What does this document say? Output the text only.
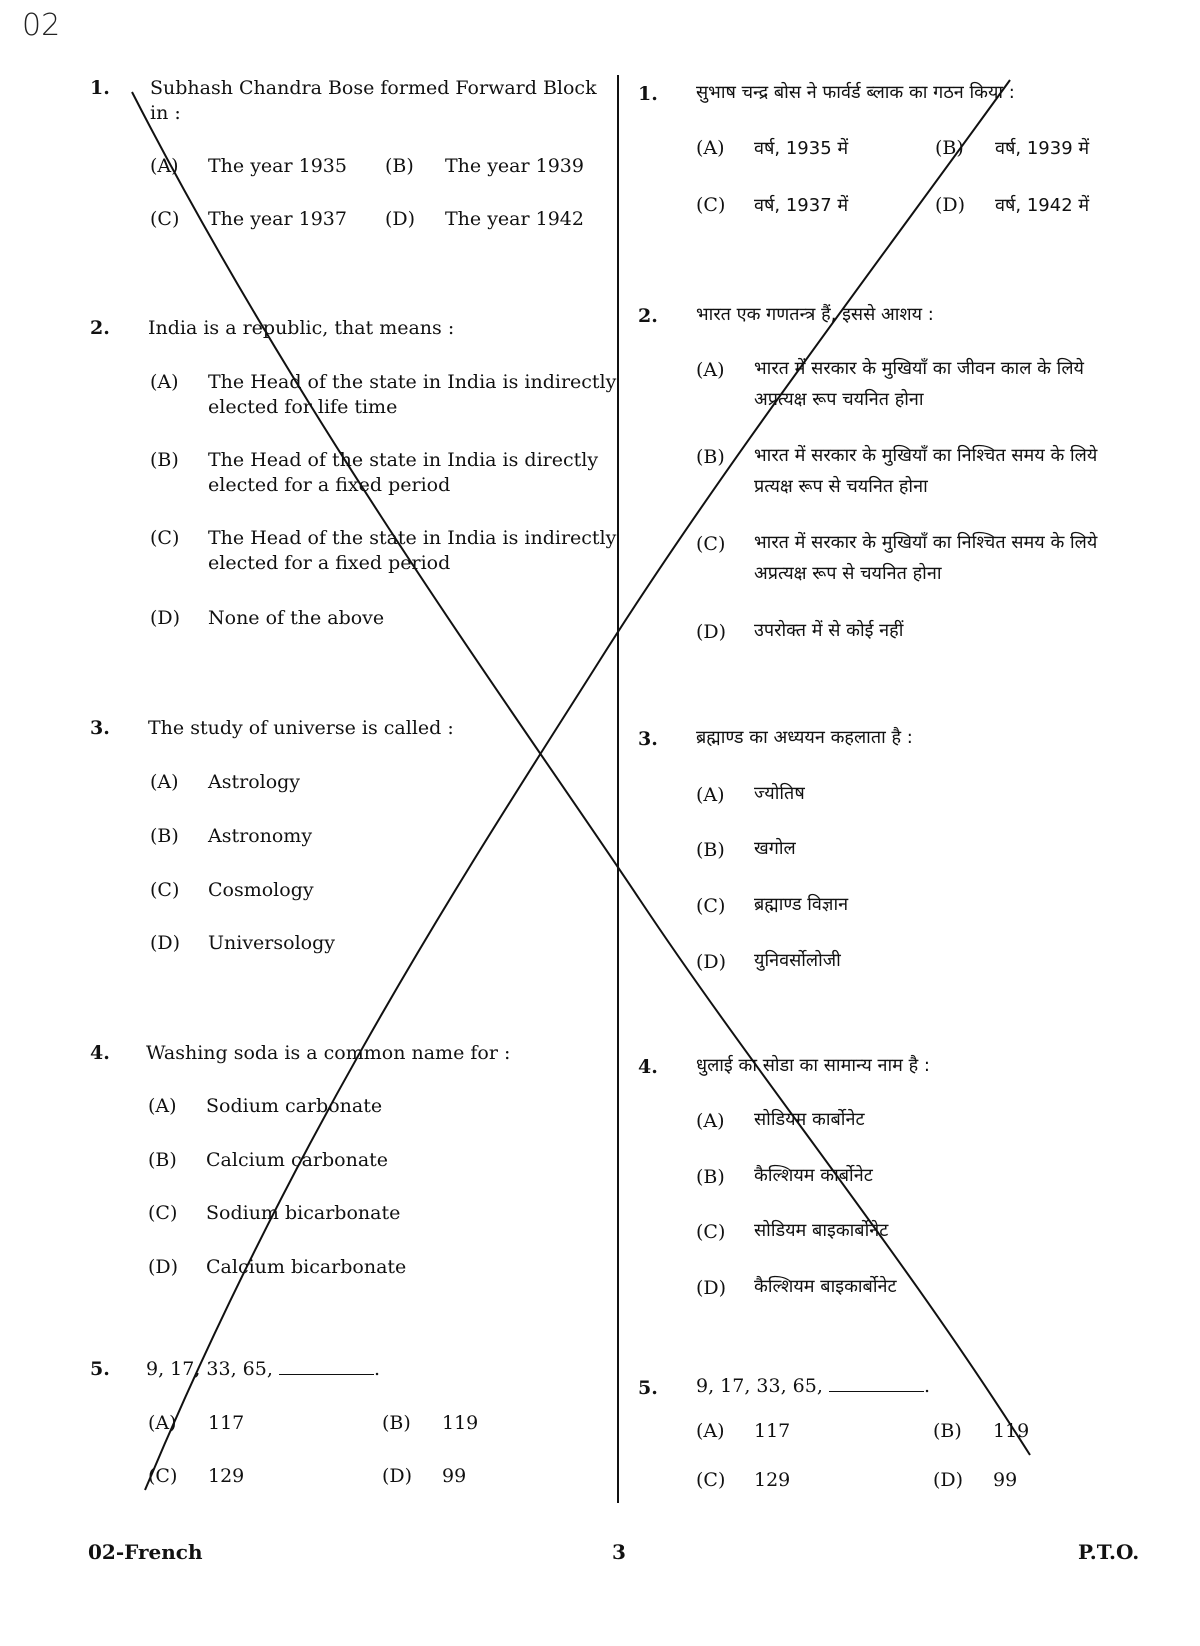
02
1. Subhash Chandra Bose formed Forward Block
in :
(A) The year 1935 (B) The year 1939
(C) The year 1937 (D) The year 1942
2. India is a republic, that means :
(A) The Head of the state in India is indirectly
elected for life time
(B) The Head of the state in India is directly
elected for a fixed period
(C) The Head of the state in India is indirectly
elected for a fixed period
(D) None of the above
3. The study of universe is called :
(A) Astrology
(B) Astronomy
(C) Cosmology
(D) Universology
4. Washing soda is a common name for :
(A) Sodium carbonate
(B) Calcium carbonate
(C) Sodium bicarbonate
(D) Calcium bicarbonate
5. 9, 17, 33, 65,	.
(A) 117	(B) 119
(C) 129	(D) 99
1. सुभाष चन्द्र बोस ने फार्वर्ड ब्लाक का गठन किया :
(A) वर्ष, 1935 में	(B) वर्ष, 1939 में
(C) वर्ष, 1937 में	(D) वर्ष, 1942 में
2. भारत एक गणतन्त्र हैं, इससे आशय :
(A) भारत में सरकार के मुखियाँ का जीवन काल के लिये
अप्रत्यक्ष रूप चयनित होना
(B) भारत में सरकार के मुखियाँ का निश्चित समय के लिये
प्रत्यक्ष रूप से चयनित होना
(C) भारत में सरकार के मुखियाँ का निश्चित समय के लिये
अप्रत्यक्ष रूप से चयनित होना
(D) उपरोक्त में से कोई नहीं
3. ब्रह्माण्ड का अध्ययन कहलाता है :
(A) ज्योतिष
(B) खगोल
(C) ब्रह्माण्ड विज्ञान
(D) युनिवर्सोलोजी
4. धुलाई का सोडा का सामान्य नाम है :
(A) सोडियम कार्बोनेट
(B) कैल्शियम कार्बोनेट
(C) सोडियम बाइकार्बोनेट
(D) कैल्शियम बाइकार्बोनेट
5. 9, 17, 33, 65,	.
(A) 117	(B) 119
(C) 129	(D) 99
02-French	3	P.T.O.
